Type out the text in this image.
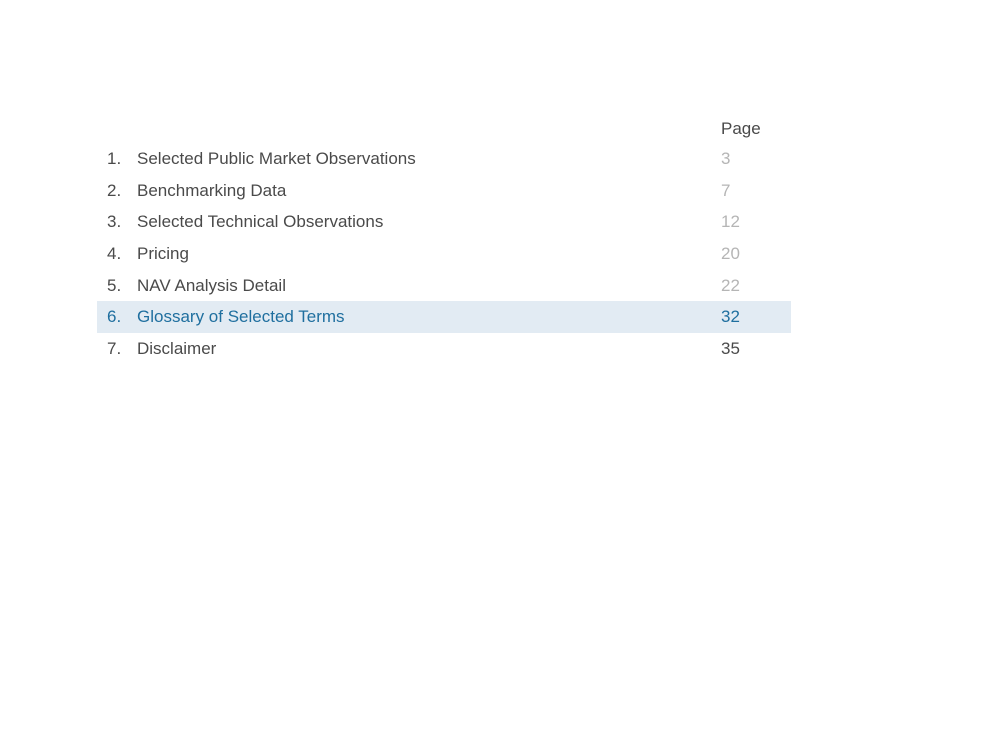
Page
1. Selected Public Market Observations	3
2. Benchmarking Data	7
3. Selected Technical Observations	12
4. Pricing	20
5. NAV Analysis Detail	22
6. Glossary of Selected Terms	32
7. Disclaimer	35
